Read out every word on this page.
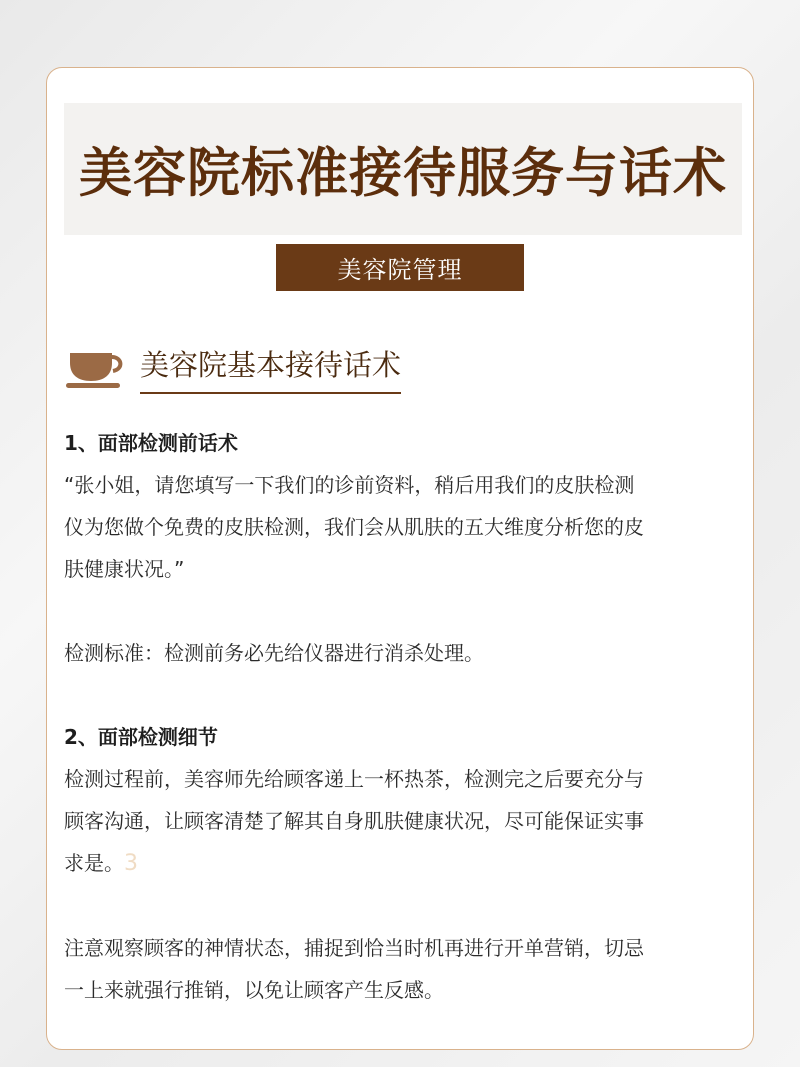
美容院标准接待服务与话术
美容院管理
美容院基本接待话术

1、面部检测前话术

“张小姐，请您填写一下我们的诊前资料，稍后用我们的皮肤检测

仪为您做个免费的皮肤检测，我们会从肌肤的五大维度分析您的皮

肤健康状况。”

检测标准：检测前务必先给仪器进行消杀处理。

2、面部检测细节

检测过程前，美容师先给顾客递上一杯热茶，检测完之后要充分与

顾客沟通，让顾客清楚了解其自身肌肤健康状况，尽可能保证实事

求是。3

注意观察顾客的神情状态，捕捉到恰当时机再进行开单营销，切忌

一上来就强行推销，以免让顾客产生反感。
